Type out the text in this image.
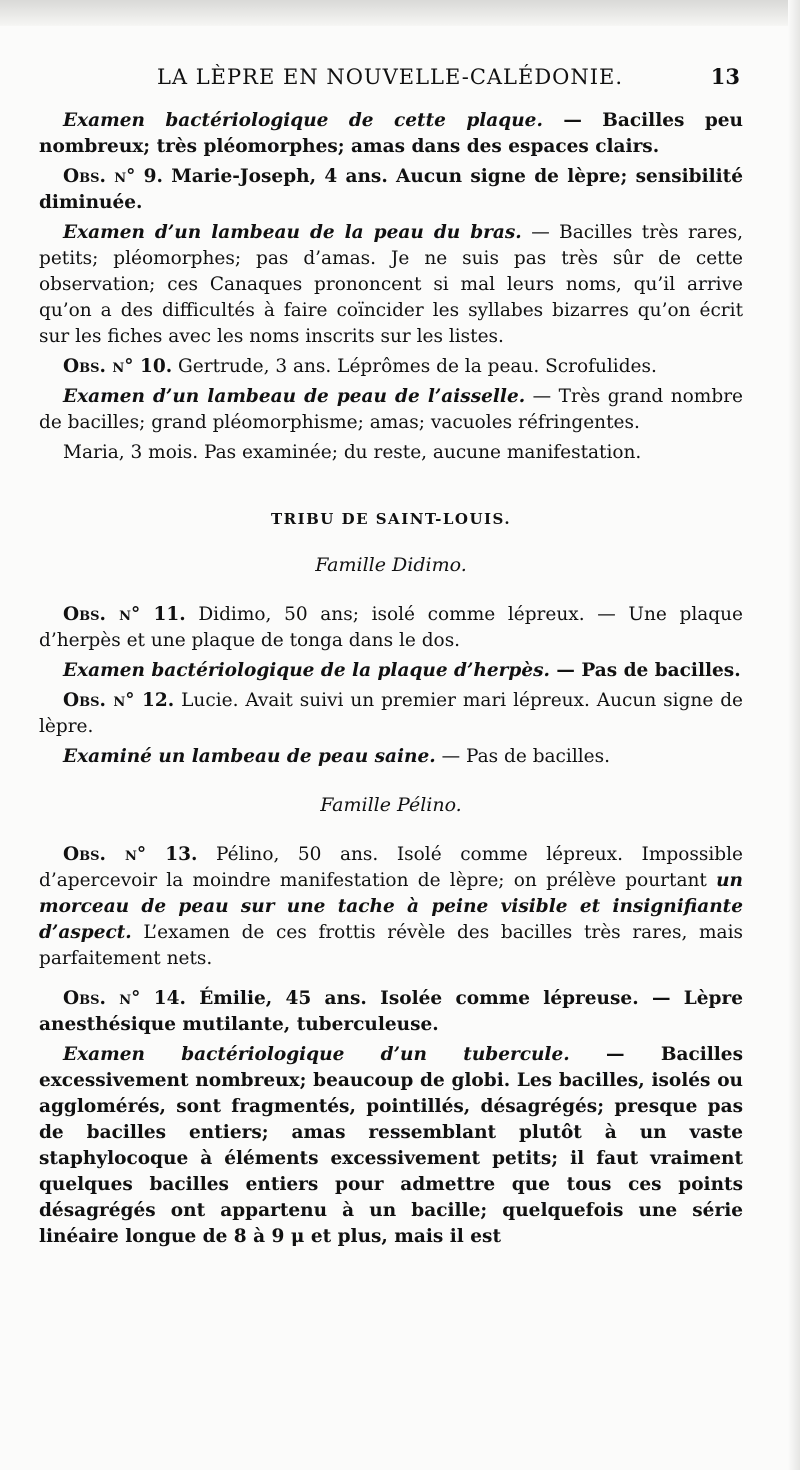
LA LÈPRE EN NOUVELLE-CALÉDONIE.	13

Examen bactériologique de cette plaque. — Bacilles peu nombreux; très pléomorphes; amas dans des espaces clairs.

Obs. n° 9. Marie-Joseph, 4 ans. Aucun signe de lèpre; sensibilité diminuée.

Examen d’un lambeau de la peau du bras. — Bacilles très rares, petits; pléomorphes; pas d’amas. Je ne suis pas très sûr de cette observation; ces Canaques prononcent si mal leurs noms, qu’il arrive qu’on a des difficultés à faire coïncider les syllabes bizarres qu’on écrit sur les fiches avec les noms inscrits sur les listes.

Obs. n° 10. Gertrude, 3 ans. Léprômes de la peau. Scrofulides.

Examen d’un lambeau de peau de l’aisselle. — Très grand nombre de bacilles; grand pléomorphisme; amas; vacuoles réfringentes.

Maria, 3 mois. Pas examinée; du reste, aucune manifestation.

TRIBU DE SAINT-LOUIS.
Famille Didimo.

Obs. n° 11. Didimo, 50 ans; isolé comme lépreux. — Une plaque d’herpès et une plaque de tonga dans le dos.

Examen bactériologique de la plaque d’herpès. — Pas de bacilles.

Obs. n° 12. Lucie. Avait suivi un premier mari lépreux. Aucun signe de lèpre.

Examiné un lambeau de peau saine. — Pas de bacilles.

Famille Pélino.

Obs. n° 13. Pélino, 50 ans. Isolé comme lépreux. Impossible d’apercevoir la moindre manifestation de lèpre; on prélève pourtant un morceau de peau sur une tache à peine visible et insignifiante d’aspect. L’examen de ces frottis révèle des bacilles très rares, mais parfaitement nets.

Obs. n° 14. Émilie, 45 ans. Isolée comme lépreuse. — Lèpre anesthésique mutilante, tuberculeuse.

Examen bactériologique d’un tubercule. — Bacilles excessivement nombreux; beaucoup de globi. Les bacilles, isolés ou agglomérés, sont fragmentés, pointillés, désagrégés; presque pas de bacilles entiers; amas ressemblant plutôt à un vaste staphylocoque à éléments excessivement petits; il faut vraiment quelques bacilles entiers pour admettre que tous ces points désagrégés ont appartenu à un bacille; quelquefois une série linéaire longue de 8 à 9 μ et plus, mais il est
